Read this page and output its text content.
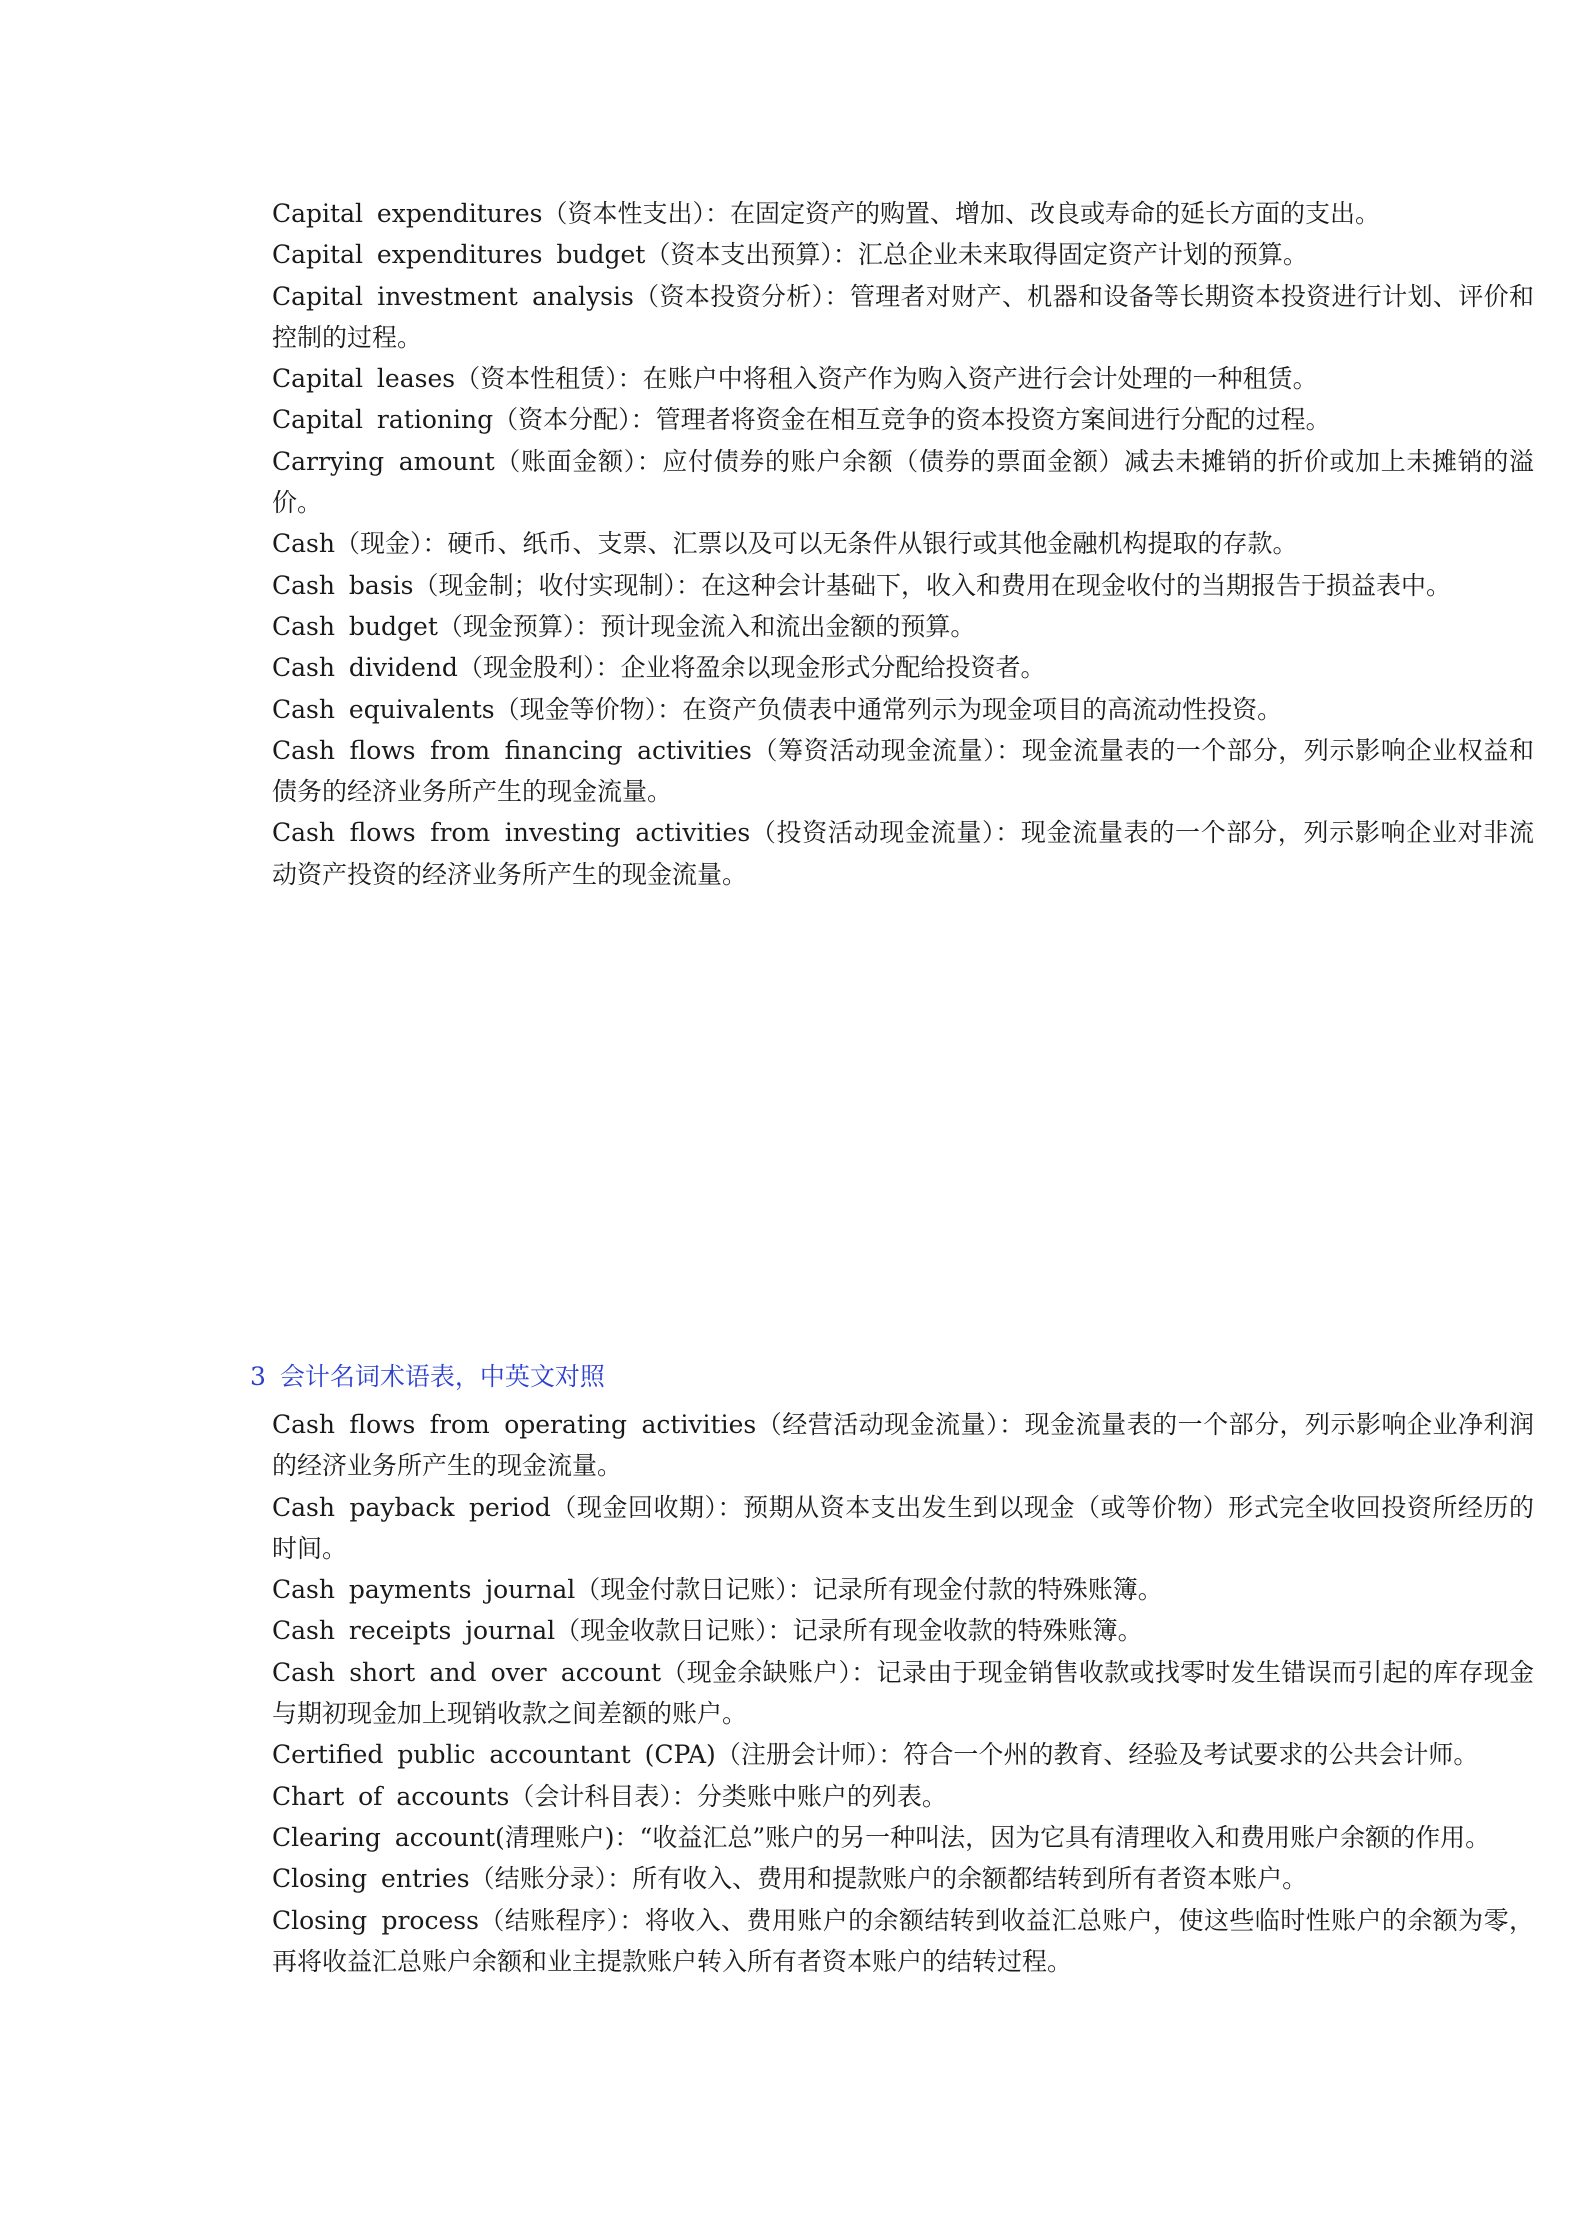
Capital expenditures（资本性支出）：在固定资产的购置、增加、改良或寿命的延长方面的支出。

Capital expenditures budget（资本支出预算）：汇总企业未来取得固定资产计划的预算。

Capital investment analysis（资本投资分析）：管理者对财产、机器和设备等长期资本投资进行计划、评价和控制的过程。

Capital leases（资本性租赁）：在账户中将租入资产作为购入资产进行会计处理的一种租赁。

Capital rationing（资本分配）：管理者将资金在相互竞争的资本投资方案间进行分配的过程。

Carrying amount（账面金额）：应付债券的账户余额（债券的票面金额）减去未摊销的折价或加上未摊销的溢价。

Cash（现金）：硬币、纸币、支票、汇票以及可以无条件从银行或其他金融机构提取的存款。

Cash basis（现金制；收付实现制）：在这种会计基础下，收入和费用在现金收付的当期报告于损益表中。

Cash budget（现金预算）：预计现金流入和流出金额的预算。

Cash dividend（现金股利）：企业将盈余以现金形式分配给投资者。

Cash equivalents（现金等价物）：在资产负债表中通常列示为现金项目的高流动性投资。

Cash flows from financing activities（筹资活动现金流量）：现金流量表的一个部分，列示影响企业权益和债务的经济业务所产生的现金流量。

Cash flows from investing activities（投资活动现金流量）：现金流量表的一个部分，列示影响企业对非流动资产投资的经济业务所产生的现金流量。

3 会计名词术语表，中英文对照

Cash flows from operating activities（经营活动现金流量）：现金流量表的一个部分，列示影响企业净利润的经济业务所产生的现金流量。

Cash payback period（现金回收期）：预期从资本支出发生到以现金（或等价物）形式完全收回投资所经历的时间。

Cash payments journal（现金付款日记账）：记录所有现金付款的特殊账簿。

Cash receipts journal（现金收款日记账）：记录所有现金收款的特殊账簿。

Cash short and over account（现金余缺账户）：记录由于现金销售收款或找零时发生错误而引起的库存现金与期初现金加上现销收款之间差额的账户。

Certified public accountant (CPA)（注册会计师）：符合一个州的教育、经验及考试要求的公共会计师。

Chart of accounts（会计科目表）：分类账中账户的列表。

Clearing account(清理账户)：“收益汇总”账户的另一种叫法，因为它具有清理收入和费用账户余额的作用。

Closing entries（结账分录）：所有收入、费用和提款账户的余额都结转到所有者资本账户。

Closing process（结账程序）：将收入、费用账户的余额结转到收益汇总账户，使这些临时性账户的余额为零，再将收益汇总账户余额和业主提款账户转入所有者资本账户的结转过程。
